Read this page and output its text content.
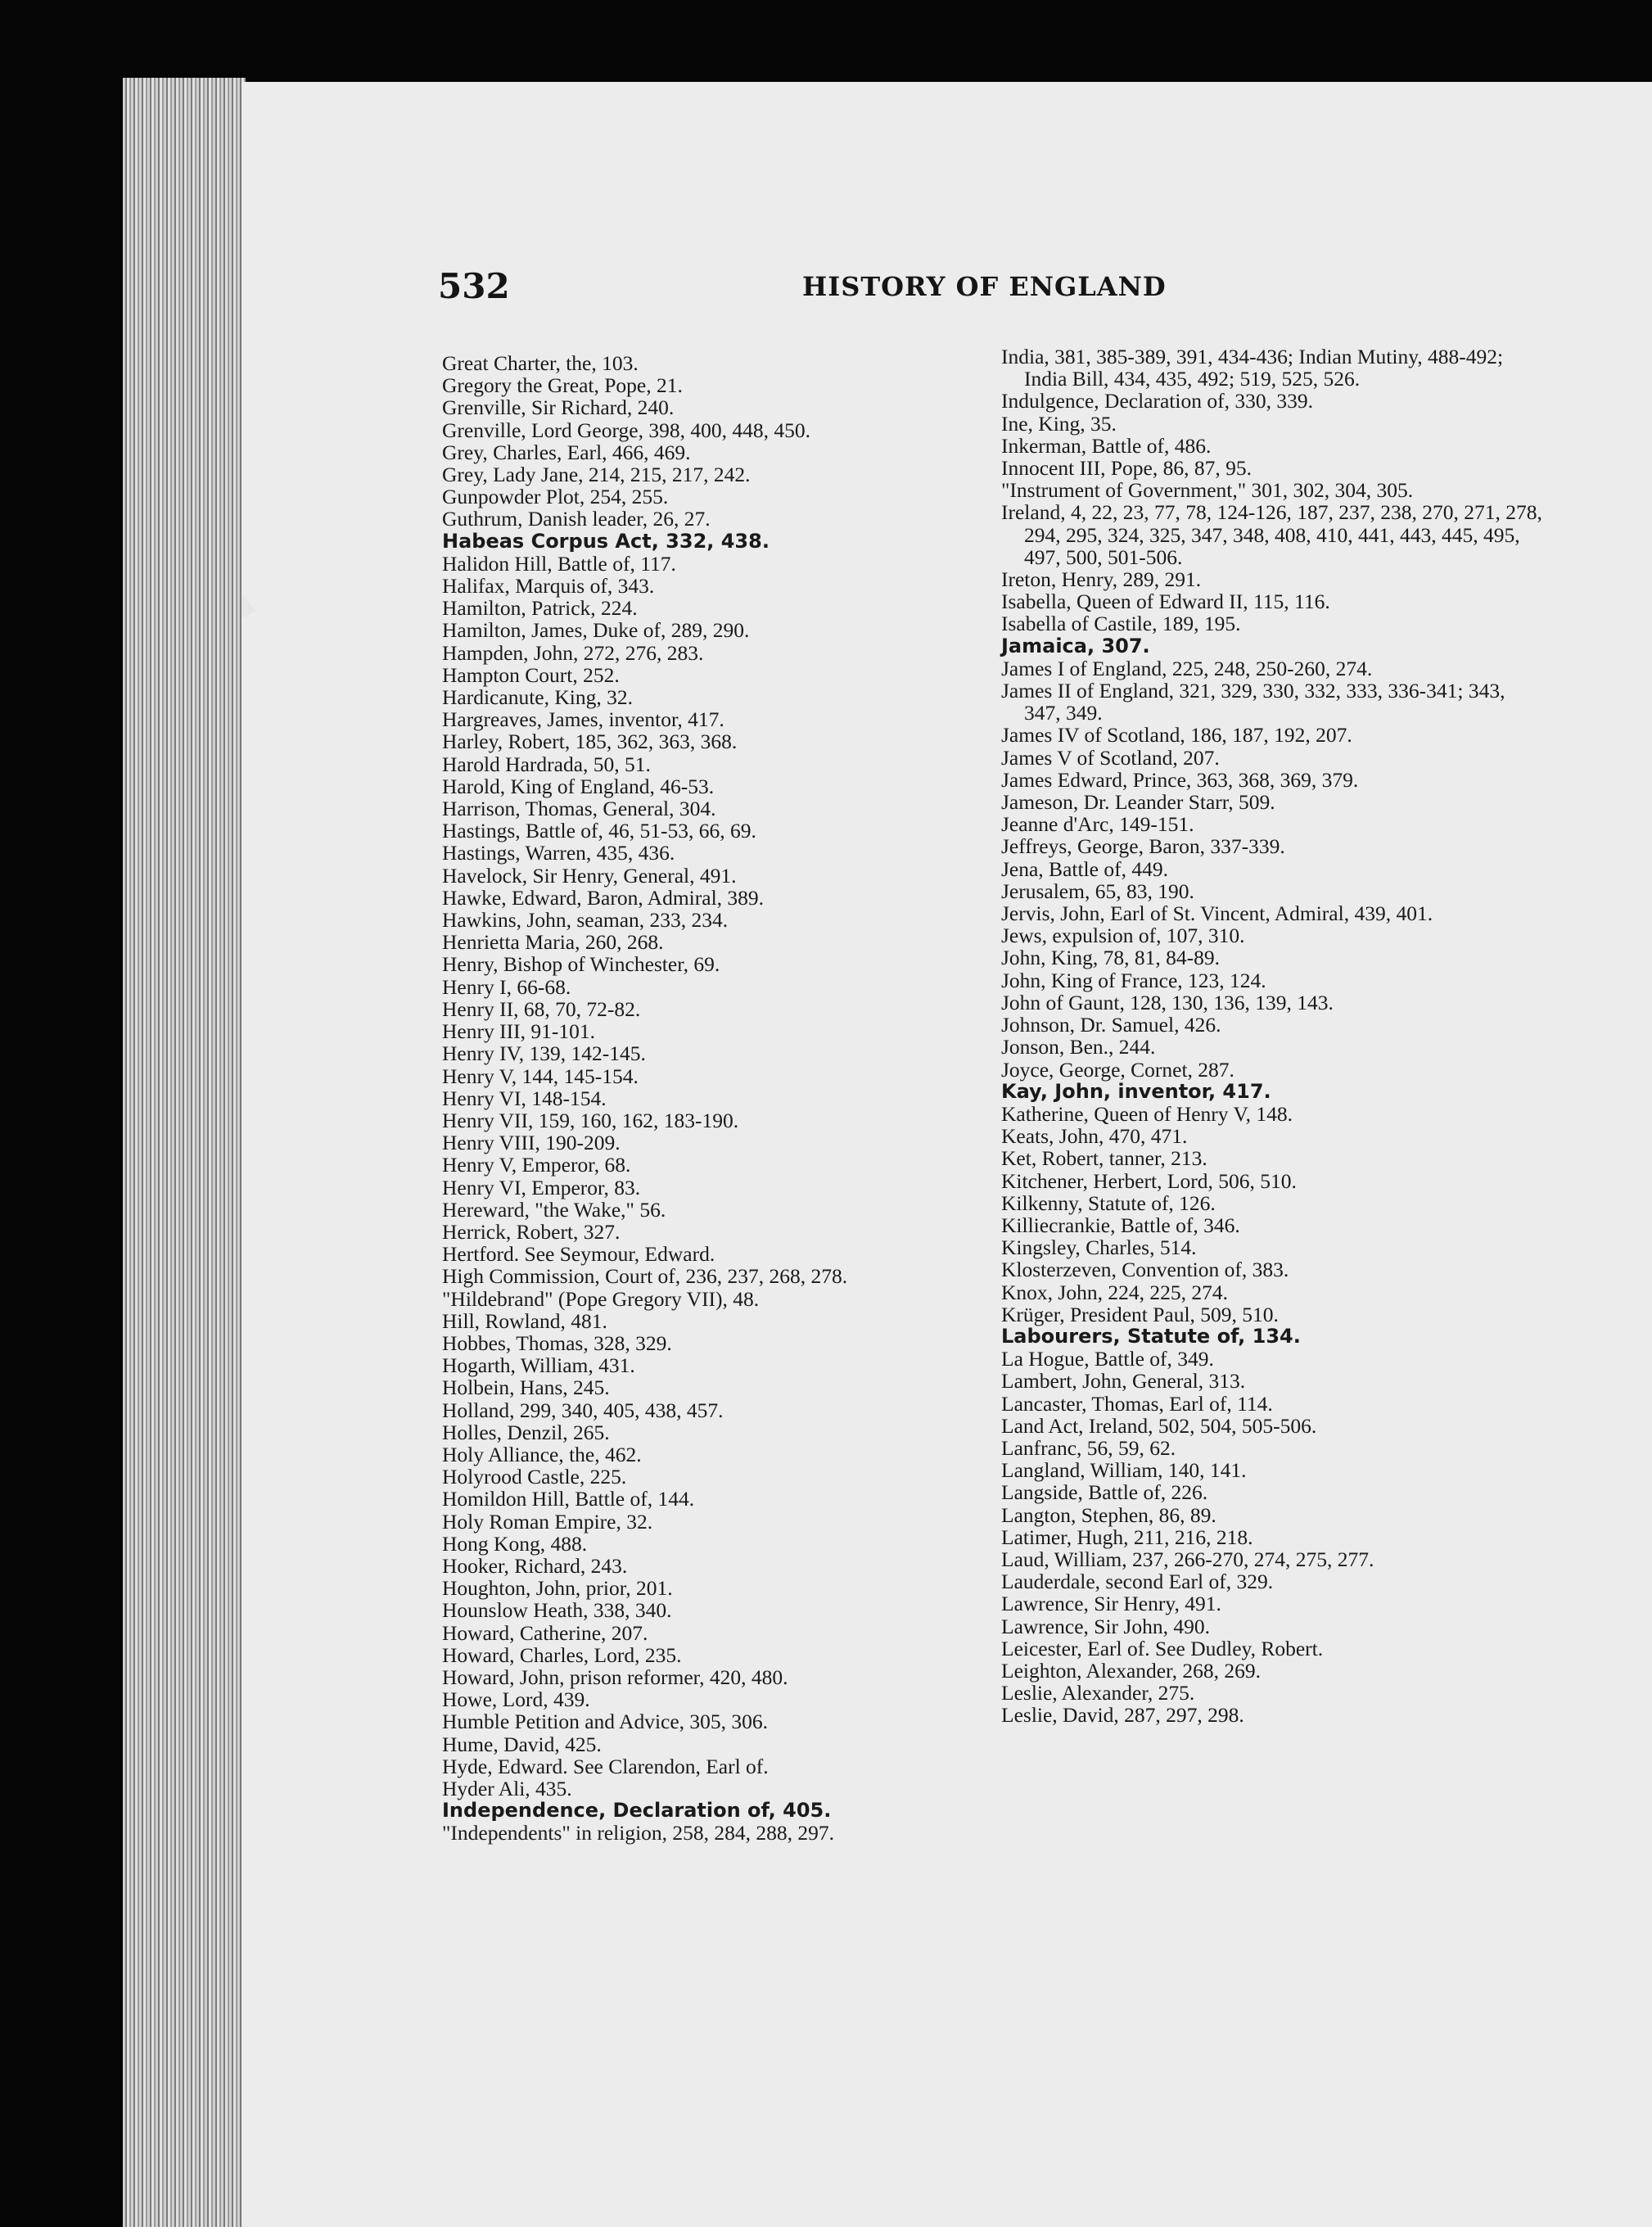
532	HISTORY OF ENGLAND

Great Charter, the, 103.

Gregory the Great, Pope, 21.

Grenville, Sir Richard, 240.

Grenville, Lord George, 398, 400, 448, 450.

Grey, Charles, Earl, 466, 469.

Grey, Lady Jane, 214, 215, 217, 242.

Gunpowder Plot, 254, 255.

Guthrum, Danish leader, 26, 27.

Habeas Corpus Act, 332, 438.

Halidon Hill, Battle of, 117.

Halifax, Marquis of, 343.

Hamilton, Patrick, 224.

Hamilton, James, Duke of, 289, 290.

Hampden, John, 272, 276, 283.

Hampton Court, 252.

Hardicanute, King, 32.

Hargreaves, James, inventor, 417.

Harley, Robert, 185, 362, 363, 368.

Harold Hardrada, 50, 51.

Harold, King of England, 46-53.

Harrison, Thomas, General, 304.

Hastings, Battle of, 46, 51-53, 66, 69.

Hastings, Warren, 435, 436.

Havelock, Sir Henry, General, 491.

Hawke, Edward, Baron, Admiral, 389.

Hawkins, John, seaman, 233, 234.

Henrietta Maria, 260, 268.

Henry, Bishop of Winchester, 69.

Henry I, 66-68.

Henry II, 68, 70, 72-82.

Henry III, 91-101.

Henry IV, 139, 142-145.

Henry V, 144, 145-154.

Henry VI, 148-154.

Henry VII, 159, 160, 162, 183-190.

Henry VIII, 190-209.

Henry V, Emperor, 68.

Henry VI, Emperor, 83.

Hereward, "the Wake," 56.

Herrick, Robert, 327.

Hertford. See Seymour, Edward.

High Commission, Court of, 236, 237, 268, 278.

"Hildebrand" (Pope Gregory VII), 48.

Hill, Rowland, 481.

Hobbes, Thomas, 328, 329.

Hogarth, William, 431.

Holbein, Hans, 245.

Holland, 299, 340, 405, 438, 457.

Holles, Denzil, 265.

Holy Alliance, the, 462.

Holyrood Castle, 225.

Homildon Hill, Battle of, 144.

Holy Roman Empire, 32.

Hong Kong, 488.

Hooker, Richard, 243.

Houghton, John, prior, 201.

Hounslow Heath, 338, 340.

Howard, Catherine, 207.

Howard, Charles, Lord, 235.

Howard, John, prison reformer, 420, 480.

Howe, Lord, 439.

Humble Petition and Advice, 305, 306.

Hume, David, 425.

Hyde, Edward. See Clarendon, Earl of.

Hyder Ali, 435.

Independence, Declaration of, 405.

"Independents" in religion, 258, 284, 288, 297.

India, 381, 385-389, 391, 434-436; Indian Mutiny, 488-492; India Bill, 434, 435, 492; 519, 525, 526.

Indulgence, Declaration of, 330, 339.

Ine, King, 35.

Inkerman, Battle of, 486.

Innocent III, Pope, 86, 87, 95.

"Instrument of Government," 301, 302, 304, 305.

Ireland, 4, 22, 23, 77, 78, 124-126, 187, 237, 238, 270, 271, 278, 294, 295, 324, 325, 347, 348, 408, 410, 441, 443, 445, 495, 497, 500, 501-506.

Ireton, Henry, 289, 291.

Isabella, Queen of Edward II, 115, 116.

Isabella of Castile, 189, 195.

Jamaica, 307.

James I of England, 225, 248, 250-260, 274.

James II of England, 321, 329, 330, 332, 333, 336-341; 343, 347, 349.

James IV of Scotland, 186, 187, 192, 207.

James V of Scotland, 207.

James Edward, Prince, 363, 368, 369, 379.

Jameson, Dr. Leander Starr, 509.

Jeanne d'Arc, 149-151.

Jeffreys, George, Baron, 337-339.

Jena, Battle of, 449.

Jerusalem, 65, 83, 190.

Jervis, John, Earl of St. Vincent, Admiral, 439, 401.

Jews, expulsion of, 107, 310.

John, King, 78, 81, 84-89.

John, King of France, 123, 124.

John of Gaunt, 128, 130, 136, 139, 143.

Johnson, Dr. Samuel, 426.

Jonson, Ben., 244.

Joyce, George, Cornet, 287.

Kay, John, inventor, 417.

Katherine, Queen of Henry V, 148.

Keats, John, 470, 471.

Ket, Robert, tanner, 213.

Kitchener, Herbert, Lord, 506, 510.

Kilkenny, Statute of, 126.

Killiecrankie, Battle of, 346.

Kingsley, Charles, 514.

Klosterzeven, Convention of, 383.

Knox, John, 224, 225, 274.

Krüger, President Paul, 509, 510.

Labourers, Statute of, 134.

La Hogue, Battle of, 349.

Lambert, John, General, 313.

Lancaster, Thomas, Earl of, 114.

Land Act, Ireland, 502, 504, 505-506.

Lanfranc, 56, 59, 62.

Langland, William, 140, 141.

Langside, Battle of, 226.

Langton, Stephen, 86, 89.

Latimer, Hugh, 211, 216, 218.

Laud, William, 237, 266-270, 274, 275, 277.

Lauderdale, second Earl of, 329.

Lawrence, Sir Henry, 491.

Lawrence, Sir John, 490.

Leicester, Earl of. See Dudley, Robert.

Leighton, Alexander, 268, 269.

Leslie, Alexander, 275.

Leslie, David, 287, 297, 298.
